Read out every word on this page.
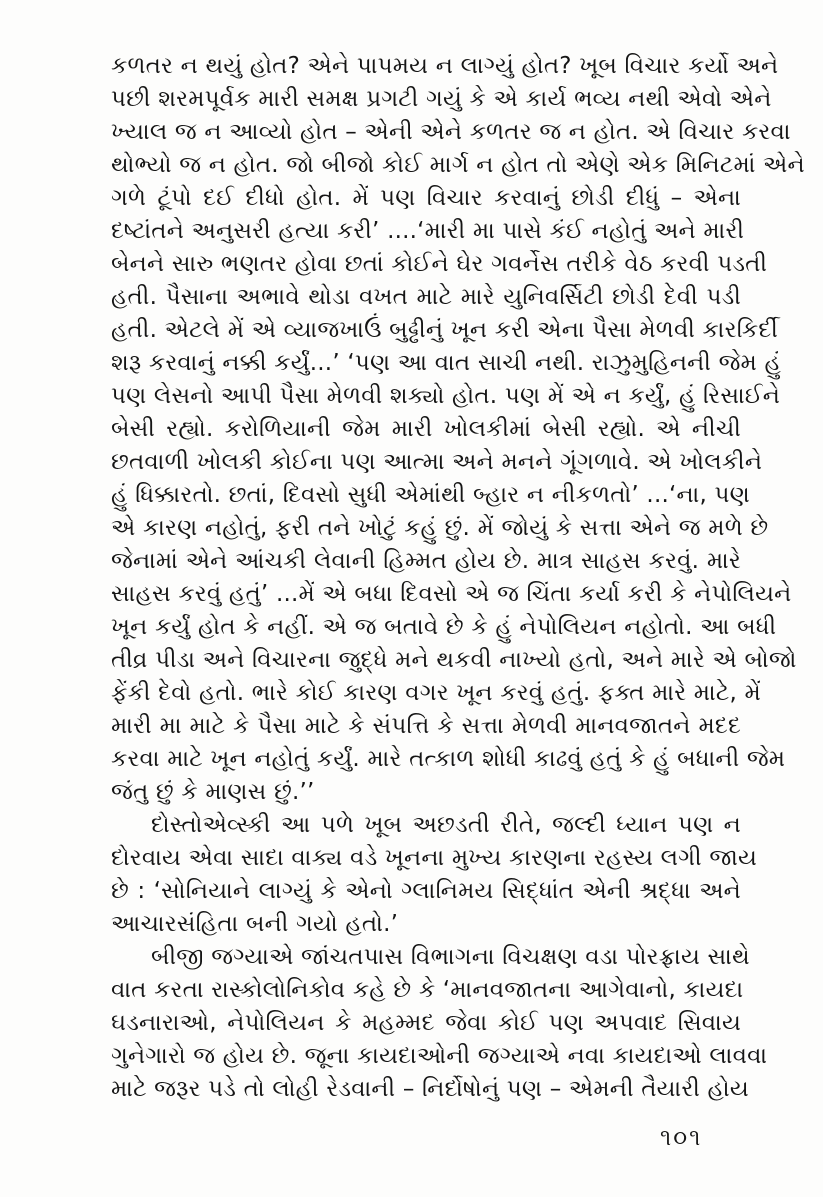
કળતર ન થયું હોત? એને પાપમય ન લાગ્યું હોત? ખૂબ વિચાર કર્યો અને
પછી શરમપૂર્વક મારી સમક્ષ પ્રગટી ગયું કે એ કાર્ય ભવ્ય નથી એવો એને
ખ્યાલ જ ન આવ્યો હોત – એની એને કળતર જ ન હોત. એ વિચાર કરવા
થોભ્યો જ ન હોત. જો બીજો કોઈ માર્ગ ન હોત તો એણે એક મિનિટમાં એને
ગળે ટૂંપો દઈ દીધો હોત. મેં પણ વિચાર કરવાનું છોડી દીધું – એના
દષ્ટાંતને અનુસરી હત્યા કરી’ ....‘મારી મા પાસે કંઈ નહોતું અને મારી
બેનને સારુ ભણતર હોવા છતાં કોઈને ઘેર ગવર્નેસ તરીકે વેઠ કરવી પડતી
હતી. પૈસાના અભાવે થોડા વખત માટે મારે યુનિવર્સિટી છોડી દેવી પડી
હતી. એટલે મેં એ વ્યાજખાઉં બુઢ્ઢીનું ખૂન કરી એના પૈસા મેળવી કારકિર્દી
શરૂ કરવાનું નક્કી કર્યું...’ ‘પણ આ વાત સાચી નથી. રાઝુમુહિનની જેમ હું
પણ લેસનો આપી પૈસા મેળવી શક્યો હોત. પણ મેં એ ન કર્યું, હું રિસાઈને
બેસી રહ્યો. કરોળિયાની જેમ મારી ખોલકીમાં બેસી રહ્યો. એ નીચી
છતવાળી ખોલકી કોઈના પણ આત્મા અને મનને ગૂંગળાવે. એ ખોલકીને
હું ધિક્કારતો. છતાં, દિવસો સુધી એમાંથી બ્હાર ન નીકળતો’ ...‘ના, પણ
એ કારણ નહોતું, ફરી તને ખોટું કહું છું. મેં જોયું કે સત્તા એને જ મળે છે
જેનામાં એને આંચકી લેવાની હિમ્મત હોય છે. માત્ર સાહસ કરવું. મારે
સાહસ કરવું હતું’ ...મેં એ બધા દિવસો એ જ ચિંતા કર્યા કરી કે નેપોલિયને
ખૂન કર્યું હોત કે નહીં. એ જ બતાવે છે કે હું નેપોલિયન નહોતો. આ બધી
તીવ્ર પીડા અને વિચારના જુદ્ધે મને થકવી નાખ્યો હતો, અને મારે એ બોજો
ફેંકી દેવો હતો. ભારે કોઈ કારણ વગર ખૂન કરવું હતું. ફક્ત મારે માટે, મેં
મારી મા માટે કે પૈસા માટે કે સંપત્તિ કે સત્તા મેળવી માનવજાતને મદદ
કરવા માટે ખૂન નહોતું કર્યું. મારે તત્કાળ શોધી કાઢવું હતું કે હું બધાની જેમ
જંતુ છું કે માણસ છું.’’
દોસ્તોએવ્સ્કી આ પળે ખૂબ અછડતી રીતે, જલ્દી ધ્યાન પણ ન
દોરવાય એવા સાદા વાક્ય વડે ખૂનના મુખ્ય કારણના રહસ્ય લગી જાય
છે : ‘સોનિયાને લાગ્યું કે એનો ગ્લાનિમય સિદ્ધાંત એની શ્રદ્ધા અને
આચારસંહિતા બની ગયો હતો.’
બીજી જગ્યાએ જાંચતપાસ વિભાગના વિચક્ષણ વડા પોરફ્રાય સાથે
વાત કરતા રાસ્કોલોનિકોવ કહે છે કે ‘માનવજાતના આગેવાનો, કાયદા
ઘડનારાઓ, નેપોલિયન કે મહમ્મદ જેવા કોઈ પણ અપવાદ સિવાય
ગુનેગારો જ હોય છે. જૂના કાયદાઓની જગ્યાએ નવા કાયદાઓ લાવવા
માટે જરૂર પડે તો લોહી રેડવાની – નિર્દોષોનું પણ – એમની તૈયારી હોય
૧૦૧
